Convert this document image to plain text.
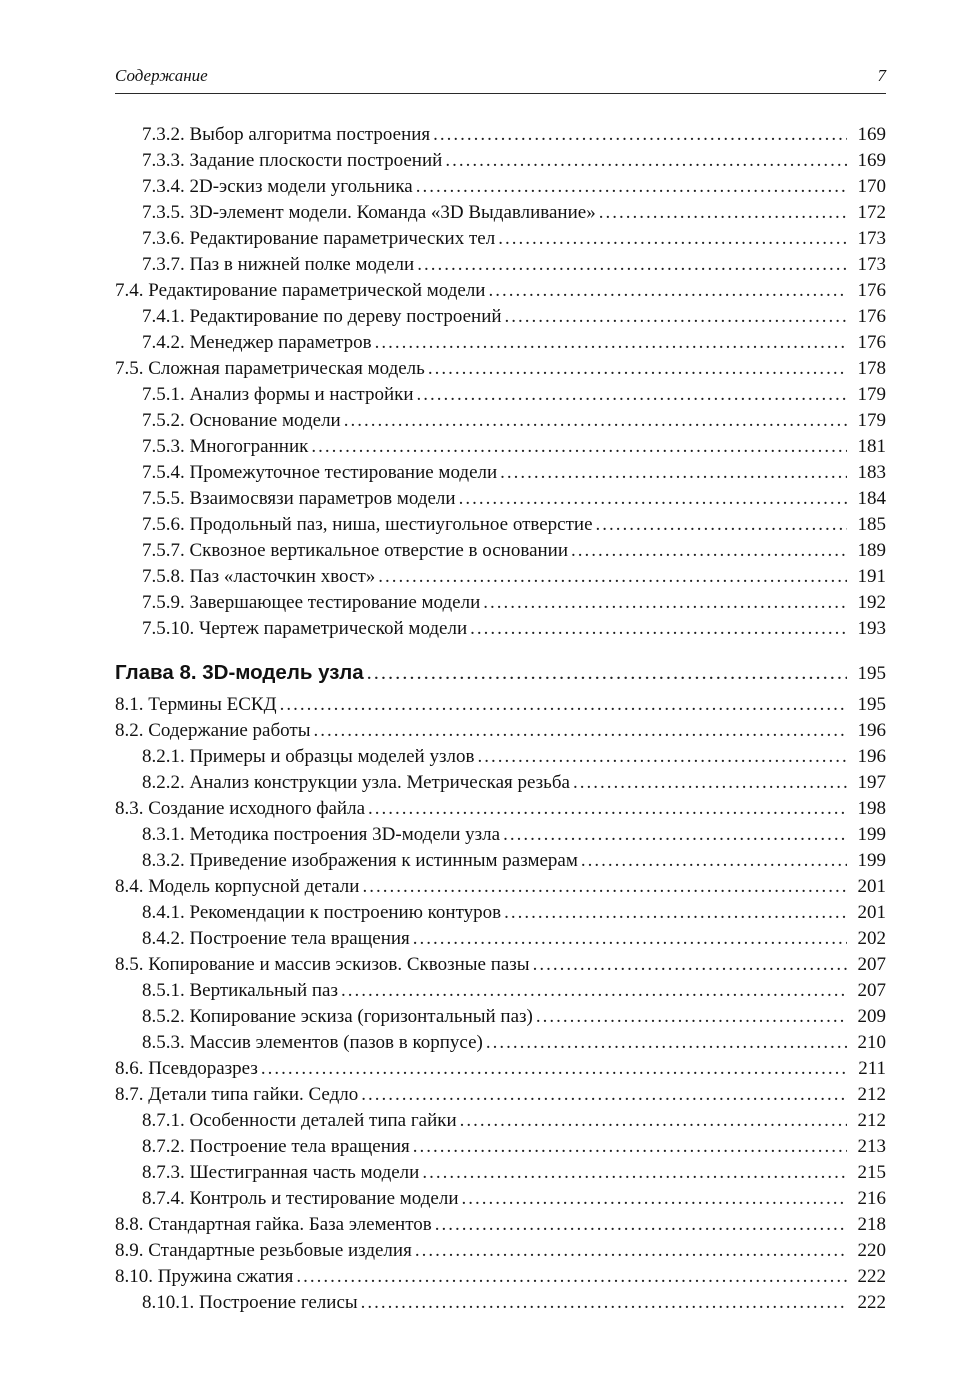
Содержание	7
7.3.2. Выбор алгоритма построения .....	169
7.3.3. Задание плоскости построений .....	169
7.3.4. 2D-эскиз модели угольника .....	170
7.3.5. 3D-элемент модели. Команда «3D Выдавливание» .....	172
7.3.6. Редактирование параметрических тел .....	173
7.3.7. Паз в нижней полке модели .....	173
7.4. Редактирование параметрической модели .....	176
7.4.1. Редактирование по дереву построений .....	176
7.4.2. Менеджер параметров .....	176
7.5. Сложная параметрическая модель .....	178
7.5.1. Анализ формы и настройки .....	179
7.5.2. Основание модели .....	179
7.5.3. Многогранник .....	181
7.5.4. Промежуточное тестирование модели .....	183
7.5.5. Взаимосвязи параметров модели .....	184
7.5.6. Продольный паз, ниша, шестиугольное отверстие .....	185
7.5.7. Сквозное вертикальное отверстие в основании .....	189
7.5.8. Паз «ласточкин хвост» .....	191
7.5.9. Завершающее тестирование модели .....	192
7.5.10. Чертеж параметрической модели .....	193
Глава 8. 3D-модель узла .....	195
8.1. Термины ЕСКД .....	195
8.2. Содержание работы .....	196
8.2.1. Примеры и образцы моделей узлов .....	196
8.2.2. Анализ конструкции узла. Метрическая резьба .....	197
8.3. Создание исходного файла .....	198
8.3.1. Методика построения 3D-модели узла .....	199
8.3.2. Приведение изображения к истинным размерам .....	199
8.4. Модель корпусной детали .....	201
8.4.1. Рекомендации к построению контуров .....	201
8.4.2. Построение тела вращения .....	202
8.5. Копирование и массив эскизов. Сквозные пазы .....	207
8.5.1. Вертикальный паз .....	207
8.5.2. Копирование эскиза (горизонтальный паз) .....	209
8.5.3. Массив элементов (пазов в корпусе) .....	210
8.6. Псевдоразрез .....	211
8.7. Детали типа гайки. Седло .....	212
8.7.1. Особенности деталей типа гайки .....	212
8.7.2. Построение тела вращения .....	213
8.7.3. Шестигранная часть модели .....	215
8.7.4. Контроль и тестирование модели .....	216
8.8. Стандартная гайка. База элементов .....	218
8.9. Стандартные резьбовые изделия .....	220
8.10. Пружина сжатия .....	222
8.10.1. Построение гелисы .....	222
